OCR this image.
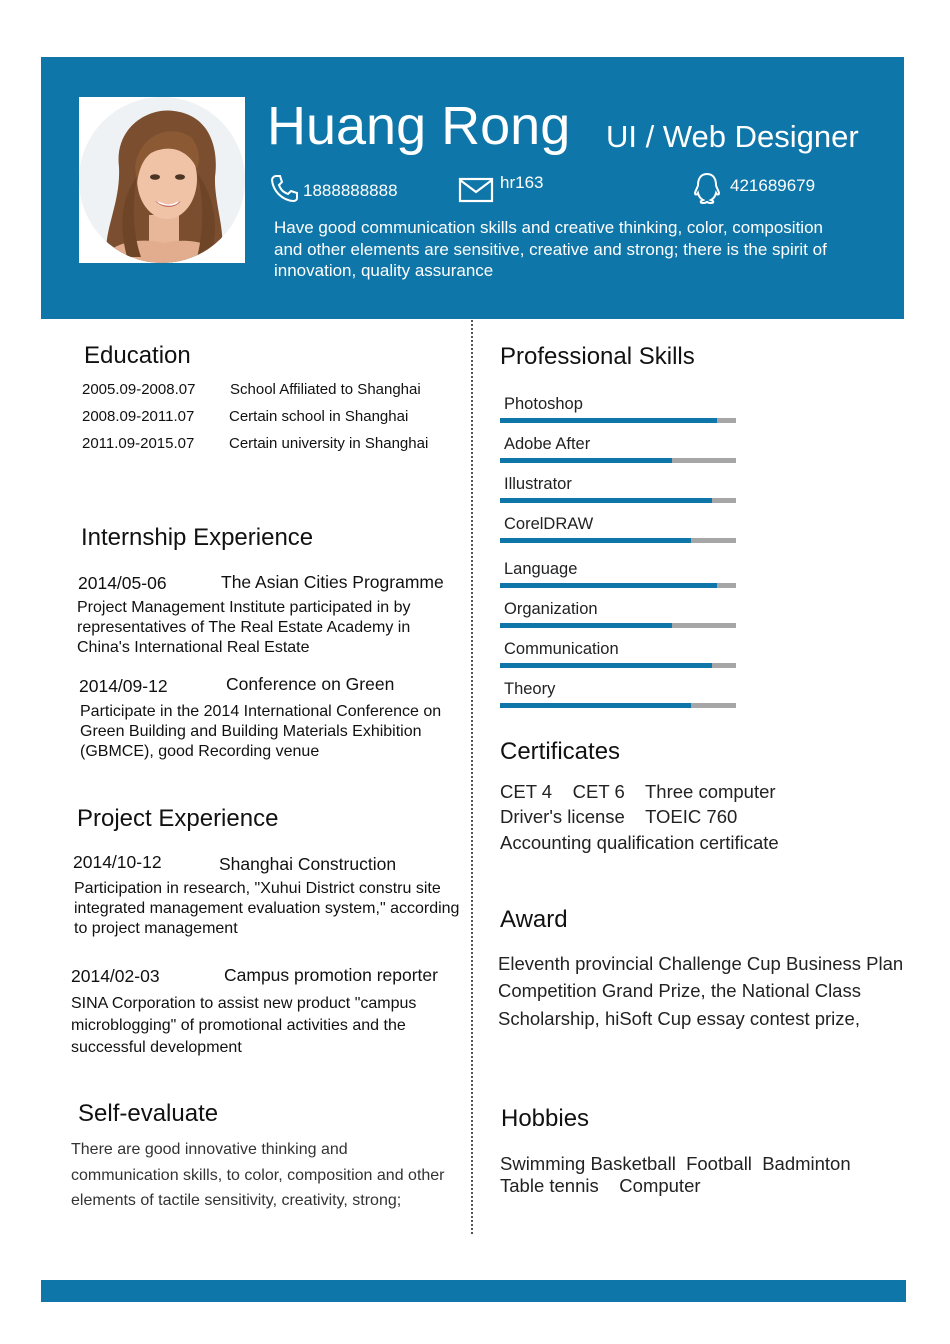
Huang Rong UI / Web Designer
1888888888	hr163	421689679
Have good communication skills and creative thinking, color, composition and other elements are sensitive, creative and strong; there is the spirit of innovation, quality assurance
Education
2005.09-2008.07 School Affiliated to Shanghai
2008.09-2011.07 Certain school in Shanghai
2011.09-2015.07 Certain university in Shanghai
Internship Experience
2014/05-06	The Asian Cities Programme
Project Management Institute participated in by representatives of The Real Estate Academy in China's International Real Estate
2014/09-12	Conference on Green
Participate in the 2014 International Conference on Green Building and Building Materials Exhibition (GBMCE), good Recording venue
Project Experience
2014/10-12	Shanghai Construction
Participation in research, "Xuhui District constru site integrated management evaluation system," according to project management
2014/02-03	Campus promotion reporter
SINA Corporation to assist new product "campus microblogging" of promotional activities and the successful development
Self-evaluate
There are good innovative thinking and communication skills, to color, composition and other elements of tactile sensitivity, creativity, strong;
Professional Skills
Photoshop
Adobe After
Illustrator
CorelDRAW
Language
Organization
Communication
Theory
Certificates
CET 4    CET 6    Three computer
Driver's license    TOEIC 760
Accounting qualification certificate
Award
Eleventh provincial Challenge Cup Business Plan
Competition Grand Prize, the National Class
Scholarship, hiSoft Cup essay contest prize,
Hobbies
Swimming Basketball  Football  Badminton
Table tennis    Computer
